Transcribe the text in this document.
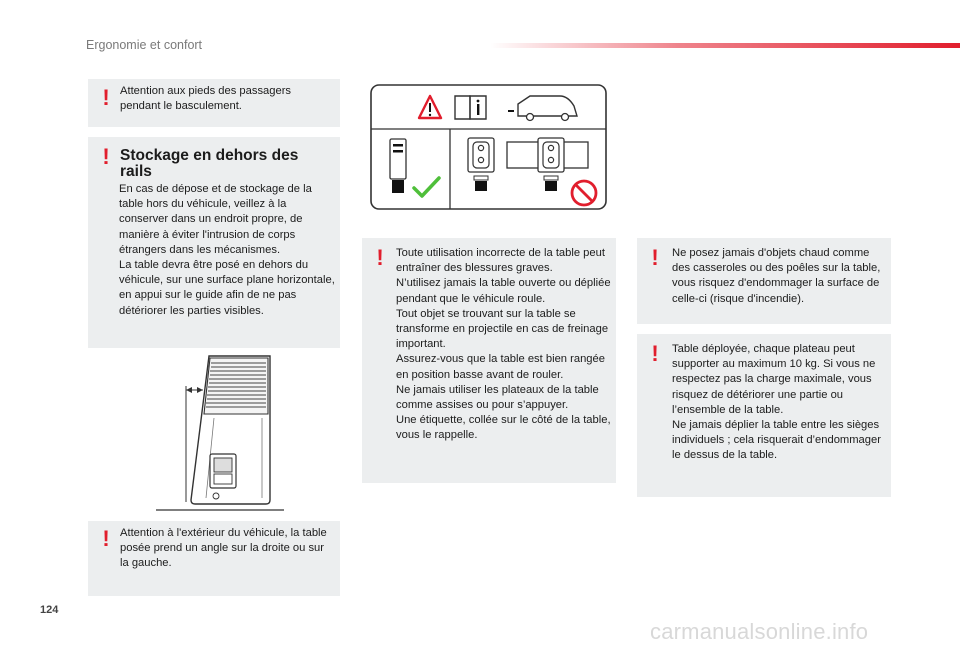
Ergonomie et confort
! Attention aux pieds des passagers pendant le basculement.

! Stockage en dehors des rails

En cas de dépose et de stockage de la table hors du véhicule, veillez à la conserver dans un endroit propre, de manière à éviter l'intrusion de corps étrangers dans les mécanismes.

La table devra être posé en dehors du véhicule, sur une surface plane horizontale, en appui sur le guide afin de ne pas détériorer les parties visibles.

! Attention à l'extérieur du véhicule, la table posée prend un angle sur la droite ou sur la gauche.

! Toute utilisation incorrecte de la table peut entraîner des blessures graves.

N’utilisez jamais la table ouverte ou dépliée pendant que le véhicule roule.

Tout objet se trouvant sur la table se transforme en projectile en cas de freinage important.

Assurez-vous que la table est bien rangée en position basse avant de rouler.

Ne jamais utiliser les plateaux de la table comme assises ou pour s’appuyer.

Une étiquette, collée sur le côté de la table, vous le rappelle.

! Ne posez jamais d'objets chaud comme des casseroles ou des poêles sur la table, vous risquez d'endommager la surface de celle-ci (risque d'incendie).

! Table déployée, chaque plateau peut supporter au maximum 10 kg. Si vous ne respectez pas la charge maximale, vous risquez de détériorer une partie ou l’ensemble de la table.

Ne jamais déplier la table entre les sièges individuels ; cela risquerait d’endommager le dessus de la table.

124
carmanualsonline.info
